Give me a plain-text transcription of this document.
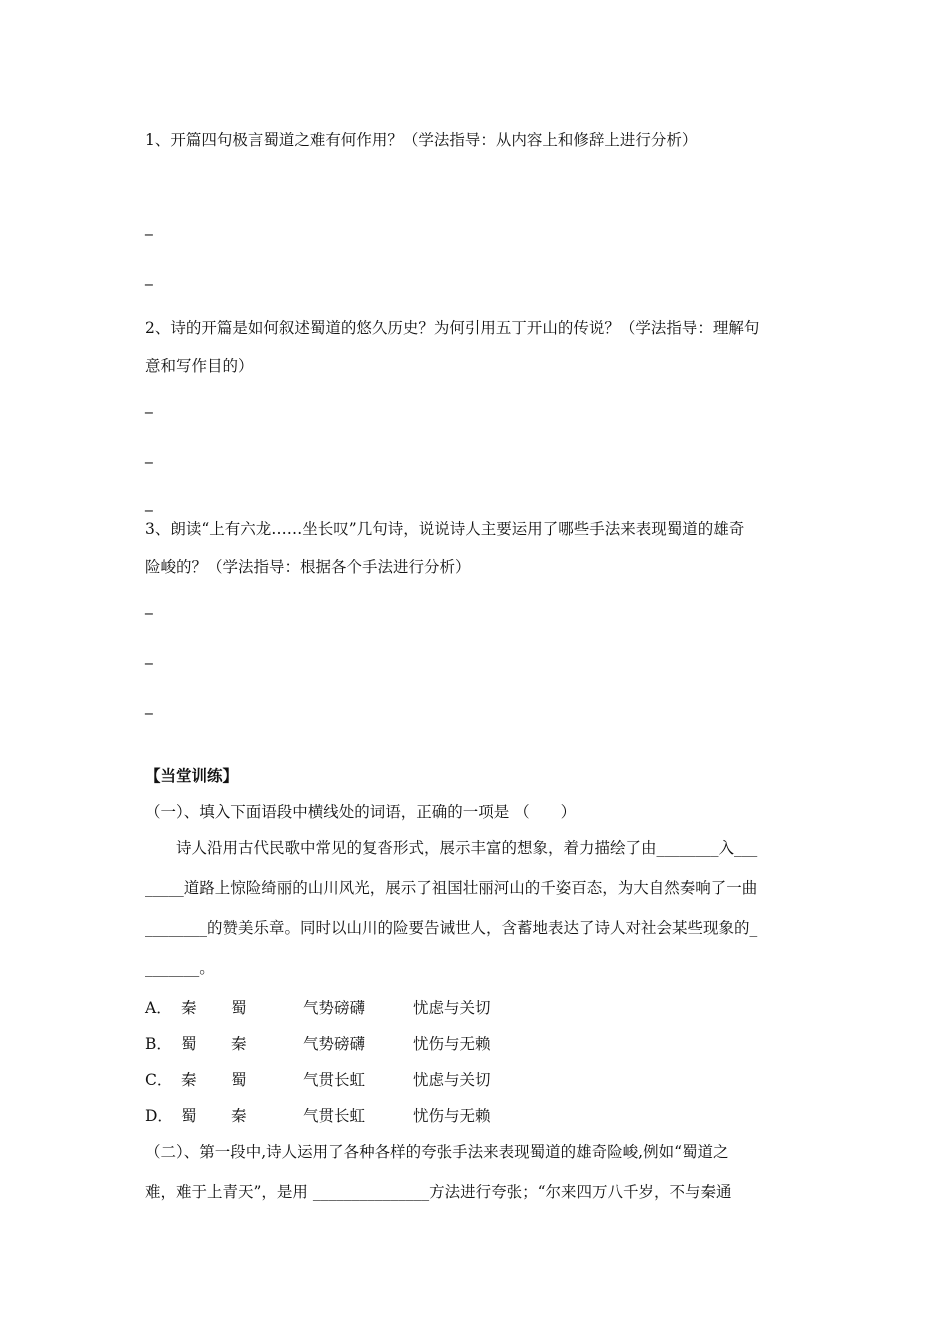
1、开篇四句极言蜀道之难有何作用？（学法指导：从内容上和修辞上进行分析）
_
_
2、诗的开篇是如何叙述蜀道的悠久历史？为何引用五丁开山的传说？（学法指导：理解句
意和写作目的）
_
_
_
3、朗读“上有六龙……坐长叹”几句诗，说说诗人主要运用了哪些手法来表现蜀道的雄奇
险峻的？（学法指导：根据各个手法进行分析）
_
_
_
【当堂训练】
（一）、填入下面语段中横线处的词语，正确的一项是 （　　）
　　诗人沿用古代民歌中常见的复沓形式，展示丰富的想象，着力描绘了由________入___
_____道路上惊险绮丽的山川风光，展示了祖国壮丽河山的千姿百态，为大自然奏响了一曲
________的赞美乐章。同时以山川的险要告诫世人，含蓄地表达了诗人对社会某些现象的_
_______。
A． 秦 蜀	气势磅礴	忧虑与关切
B． 蜀 秦	气势磅礴	忧伤与无赖
C． 秦 蜀	气贯长虹	忧虑与关切
D． 蜀 秦	气贯长虹	忧伤与无赖
（二）、第一段中,诗人运用了各种各样的夸张手法来表现蜀道的雄奇险峻,例如“蜀道之
难，难于上青天”，是用 _______________方法进行夸张；“尔来四万八千岁，不与秦通
